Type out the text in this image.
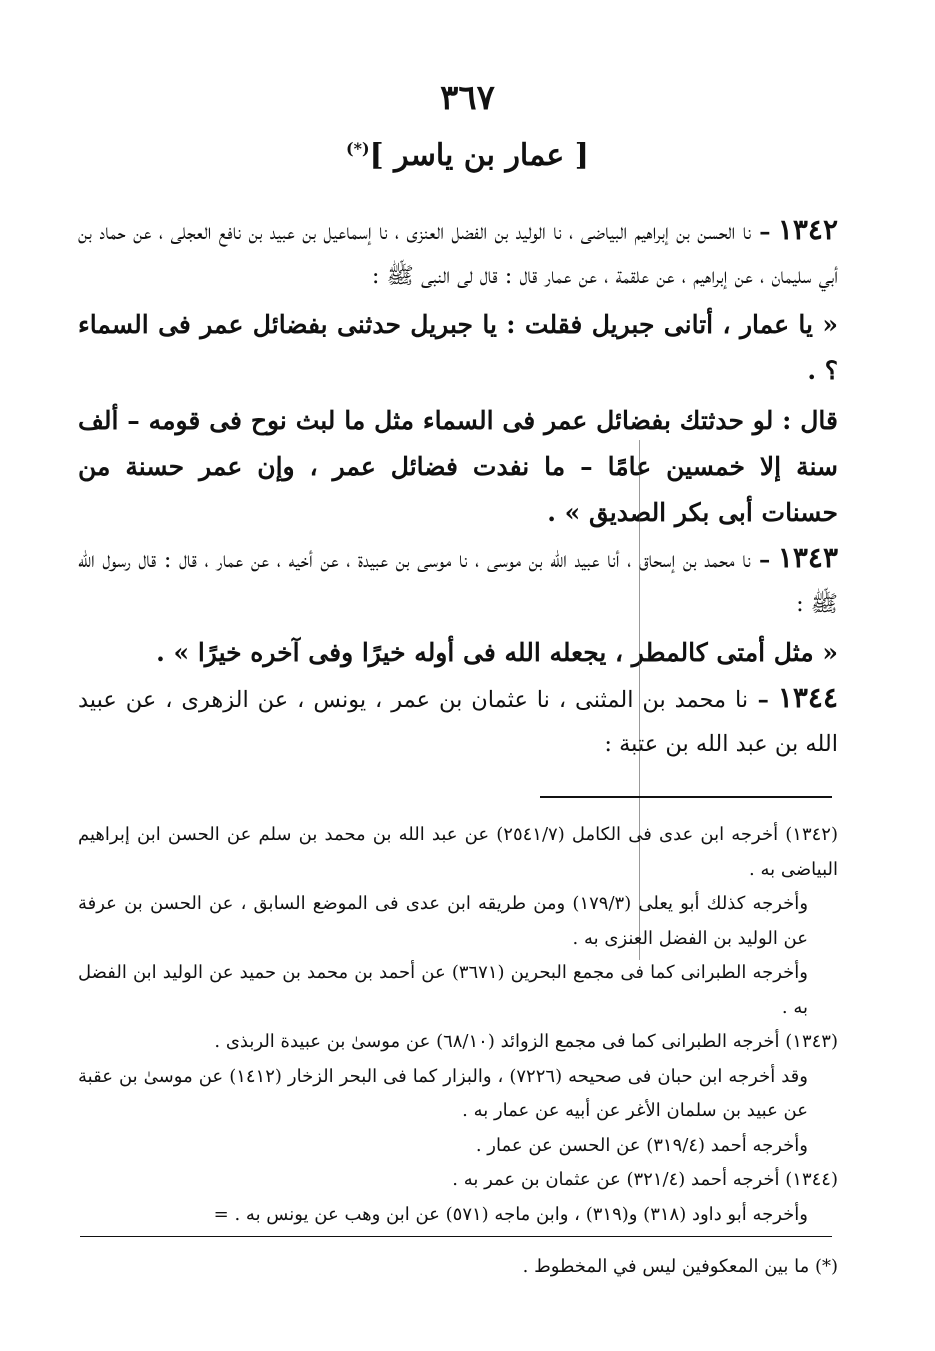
٣٦٧
[ عمار بن ياسر ](*)

١٣٤٢ – نا الحسن بن إبراهيم البياضى ، نا الوليد بن الفضل العنزى ، نا إسماعيل بن عبيد بن نافع العجلى ، عن حماد بن أبي سليمان ، عن إبراهيم ، عن علقمة ، عن عمار قال : قال لى النبى ﷺ :

« يا عمار ، أتانى جبريل فقلت : يا جبريل حدثنى بفضائل عمر فى السماء ؟ .

قال : لو حدثتك بفضائل عمر فى السماء مثل ما لبث نوح فى قومه – ألف سنة إلا خمسين عامًا – ما نفدت فضائل عمر ، وإن عمر حسنة من حسنات أبى بكر الصديق » .

١٣٤٣ – نا محمد بن إسحاق ، أنا عبيد الله بن موسى ، نا موسى بن عبيدة ، عن أخيه ، عن عمار ، قال : قال رسول الله ﷺ :

« مثل أمتى كالمطر ، يجعله الله فى أوله خيرًا وفى آخره خيرًا » .

١٣٤٤ – نا محمد بن المثنى ، نا عثمان بن عمر ، يونس ، عن الزهرى ، عن عبيد الله بن عبد الله بن عتبة :

(١٣٤٢) أخرجه ابن عدى فى الكامل (٢٥٤١/٧) عن عبد الله بن محمد بن سلم عن الحسن ابن إبراهيم البياضى به .

وأخرجه كذلك أبو يعلى (١٧٩/٣) ومن طريقه ابن عدى فى الموضع السابق ، عن الحسن بن عرفة عن الوليد بن الفضل العنزى به .

وأخرجه الطبرانى كما فى مجمع البحرين (٣٦٧١) عن أحمد بن محمد بن حميد عن الوليد ابن الفضل به .

(١٣٤٣) أخرجه الطبرانى كما فى مجمع الزوائد (٦٨/١٠) عن موسىٰ بن عبيدة الربذى .

وقد أخرجه ابن حبان فى صحيحه (٧٢٢٦) ، والبزار كما فى البحر الزخار (١٤١٢) عن موسىٰ بن عقبة عن عبيد بن سلمان الأغر عن أبيه عن عمار به .

وأخرجه أحمد (٣١٩/٤) عن الحسن عن عمار .

(١٣٤٤) أخرجه أحمد (٣٢١/٤) عن عثمان بن عمر به .

وأخرجه أبو داود (٣١٨) و(٣١٩) ، وابن ماجه (٥٧١) عن ابن وهب عن يونس به . =

(*) ما بين المعكوفين ليس في المخطوط .
